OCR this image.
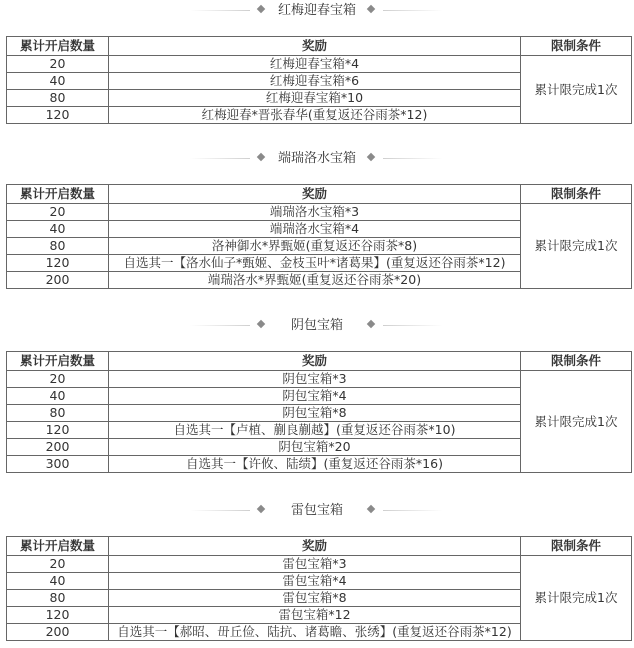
红梅迎春宝箱
累计开启数量	奖励	限制条件
20	红梅迎春宝箱*4	累计限完成1次
40	红梅迎春宝箱*6	
80	红梅迎春宝箱*10	
120	红梅迎春*晋张春华(重复返还谷雨茶*12)	
端瑞洛水宝箱
累计开启数量	奖励	限制条件
20	端瑞洛水宝箱*3	累计限完成1次
40	端瑞洛水宝箱*4	
80	洛神御水*界甄姬(重复返还谷雨茶*8)	
120	自选其一【洛水仙子*甄姬、金枝玉叶*诸葛果】(重复返还谷雨茶*12)	
200	端瑞洛水*界甄姬(重复返还谷雨茶*20)	
阴包宝箱
累计开启数量	奖励	限制条件
20	阴包宝箱*3	累计限完成1次
40	阴包宝箱*4	
80	阴包宝箱*8	
120	自选其一【卢植、蒯良蒯越】(重复返还谷雨茶*10)	
200	阴包宝箱*20	
300	自选其一【许攸、陆绩】(重复返还谷雨茶*16)	
雷包宝箱
累计开启数量	奖励	限制条件
20	雷包宝箱*3	累计限完成1次
40	雷包宝箱*4	
80	雷包宝箱*8	
120	雷包宝箱*12	
200	自选其一【郝昭、毌丘俭、陆抗、诸葛瞻、张绣】(重复返还谷雨茶*12)	
